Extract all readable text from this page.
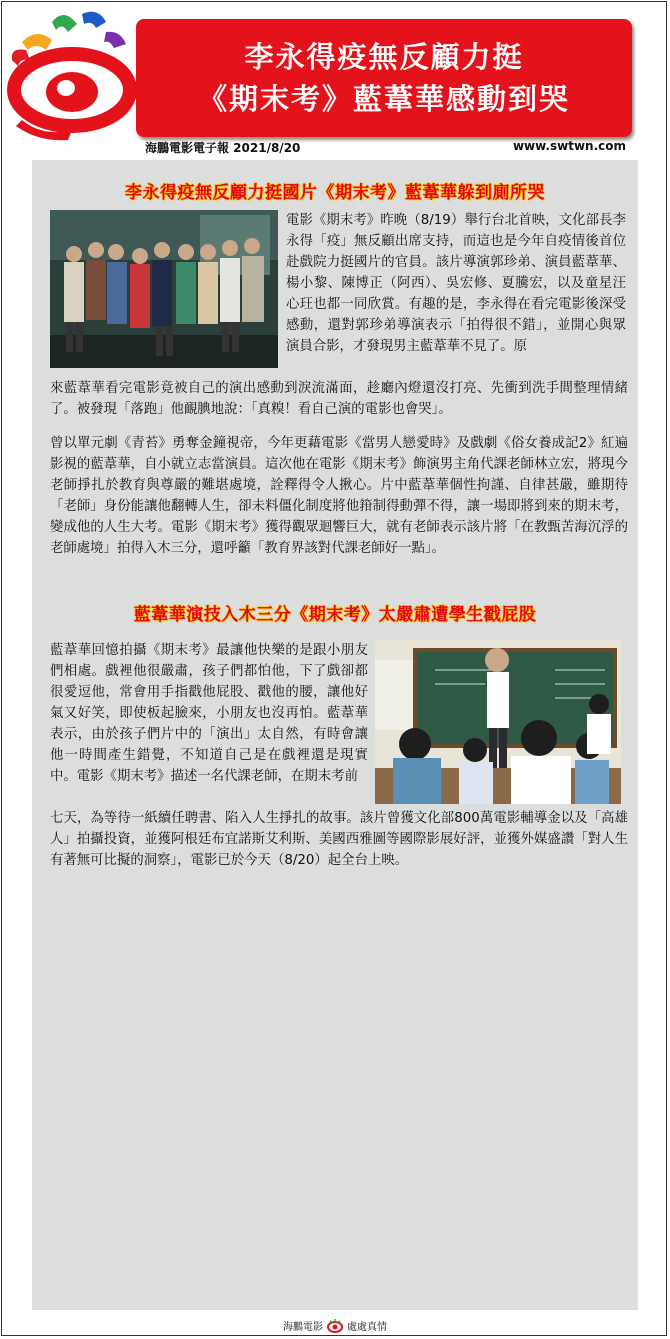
李永得疫無反顧力挺
《期末考》藍葦華感動到哭
海鵬電影電子報 2021/8/20	www.swtwn.com
李永得疫無反顧力挺國片《期末考》藍葦華躲到廁所哭

電影《期末考》昨晚（8/19）舉行台北首映，文化部長李永得「疫」無反顧出席支持，而這也是今年自疫情後首位赴戲院力挺國片的官員。該片導演郭珍弟、演員藍葦華、楊小黎、陳博正（阿西）、吳宏修、夏騰宏，以及童星汪心玨也都一同欣賞。有趣的是，李永得在看完電影後深受感動，還對郭珍弟導演表示「拍得很不錯」，並開心與眾演員合影，才發現男主藍葦華不見了。原

來藍葦華看完電影竟被自己的演出感動到淚流滿面，趁廳內燈還沒打亮、先衝到洗手間整理情緒了。被發現「落跑」他靦腆地說：「真糗！看自己演的電影也會哭」。

曾以單元劇《青苔》勇奪金鐘視帝，今年更藉電影《當男人戀愛時》及戲劇《俗女養成記2》紅遍影視的藍葦華，自小就立志當演員。這次他在電影《期末考》飾演男主角代課老師林立宏，將現今老師掙扎於教育與尊嚴的難堪處境，詮釋得令人揪心。片中藍葦華個性拘謹、自律甚嚴，雖期待「老師」身份能讓他翻轉人生，卻未料僵化制度將他箝制得動彈不得，讓一場即將到來的期末考，變成他的人生大考。電影《期末考》獲得觀眾迴響巨大，就有老師表示該片將「在教甄苦海沉浮的老師處境」拍得入木三分，還呼籲「教育界該對代課老師好一點」。

藍葦華演技入木三分《期末考》太嚴肅遭學生戳屁股

藍葦華回憶拍攝《期末考》最讓他快樂的是跟小朋友們相處。戲裡他很嚴肅，孩子們都怕他，下了戲卻都很愛逗他，常會用手指戳他屁股、戳他的腰，讓他好氣又好笑，即使板起臉來，小朋友也沒再怕。藍葦華表示，由於孩子們片中的「演出」太自然，有時會讓他一時間產生錯覺，不知道自己是在戲裡還是現實中。電影《期末考》描述一名代課老師，在期末考前

七天，為等待一紙續任聘書、陷入人生掙扎的故事。該片曾獲文化部800萬電影輔導金以及「高雄人」拍攝投資，並獲阿根廷布宜諾斯艾利斯、美國西雅圖等國際影展好評，並獲外媒盛讚「對人生有著無可比擬的洞察」，電影已於今天（8/20）起全台上映。

海鵬電影 處處真情
